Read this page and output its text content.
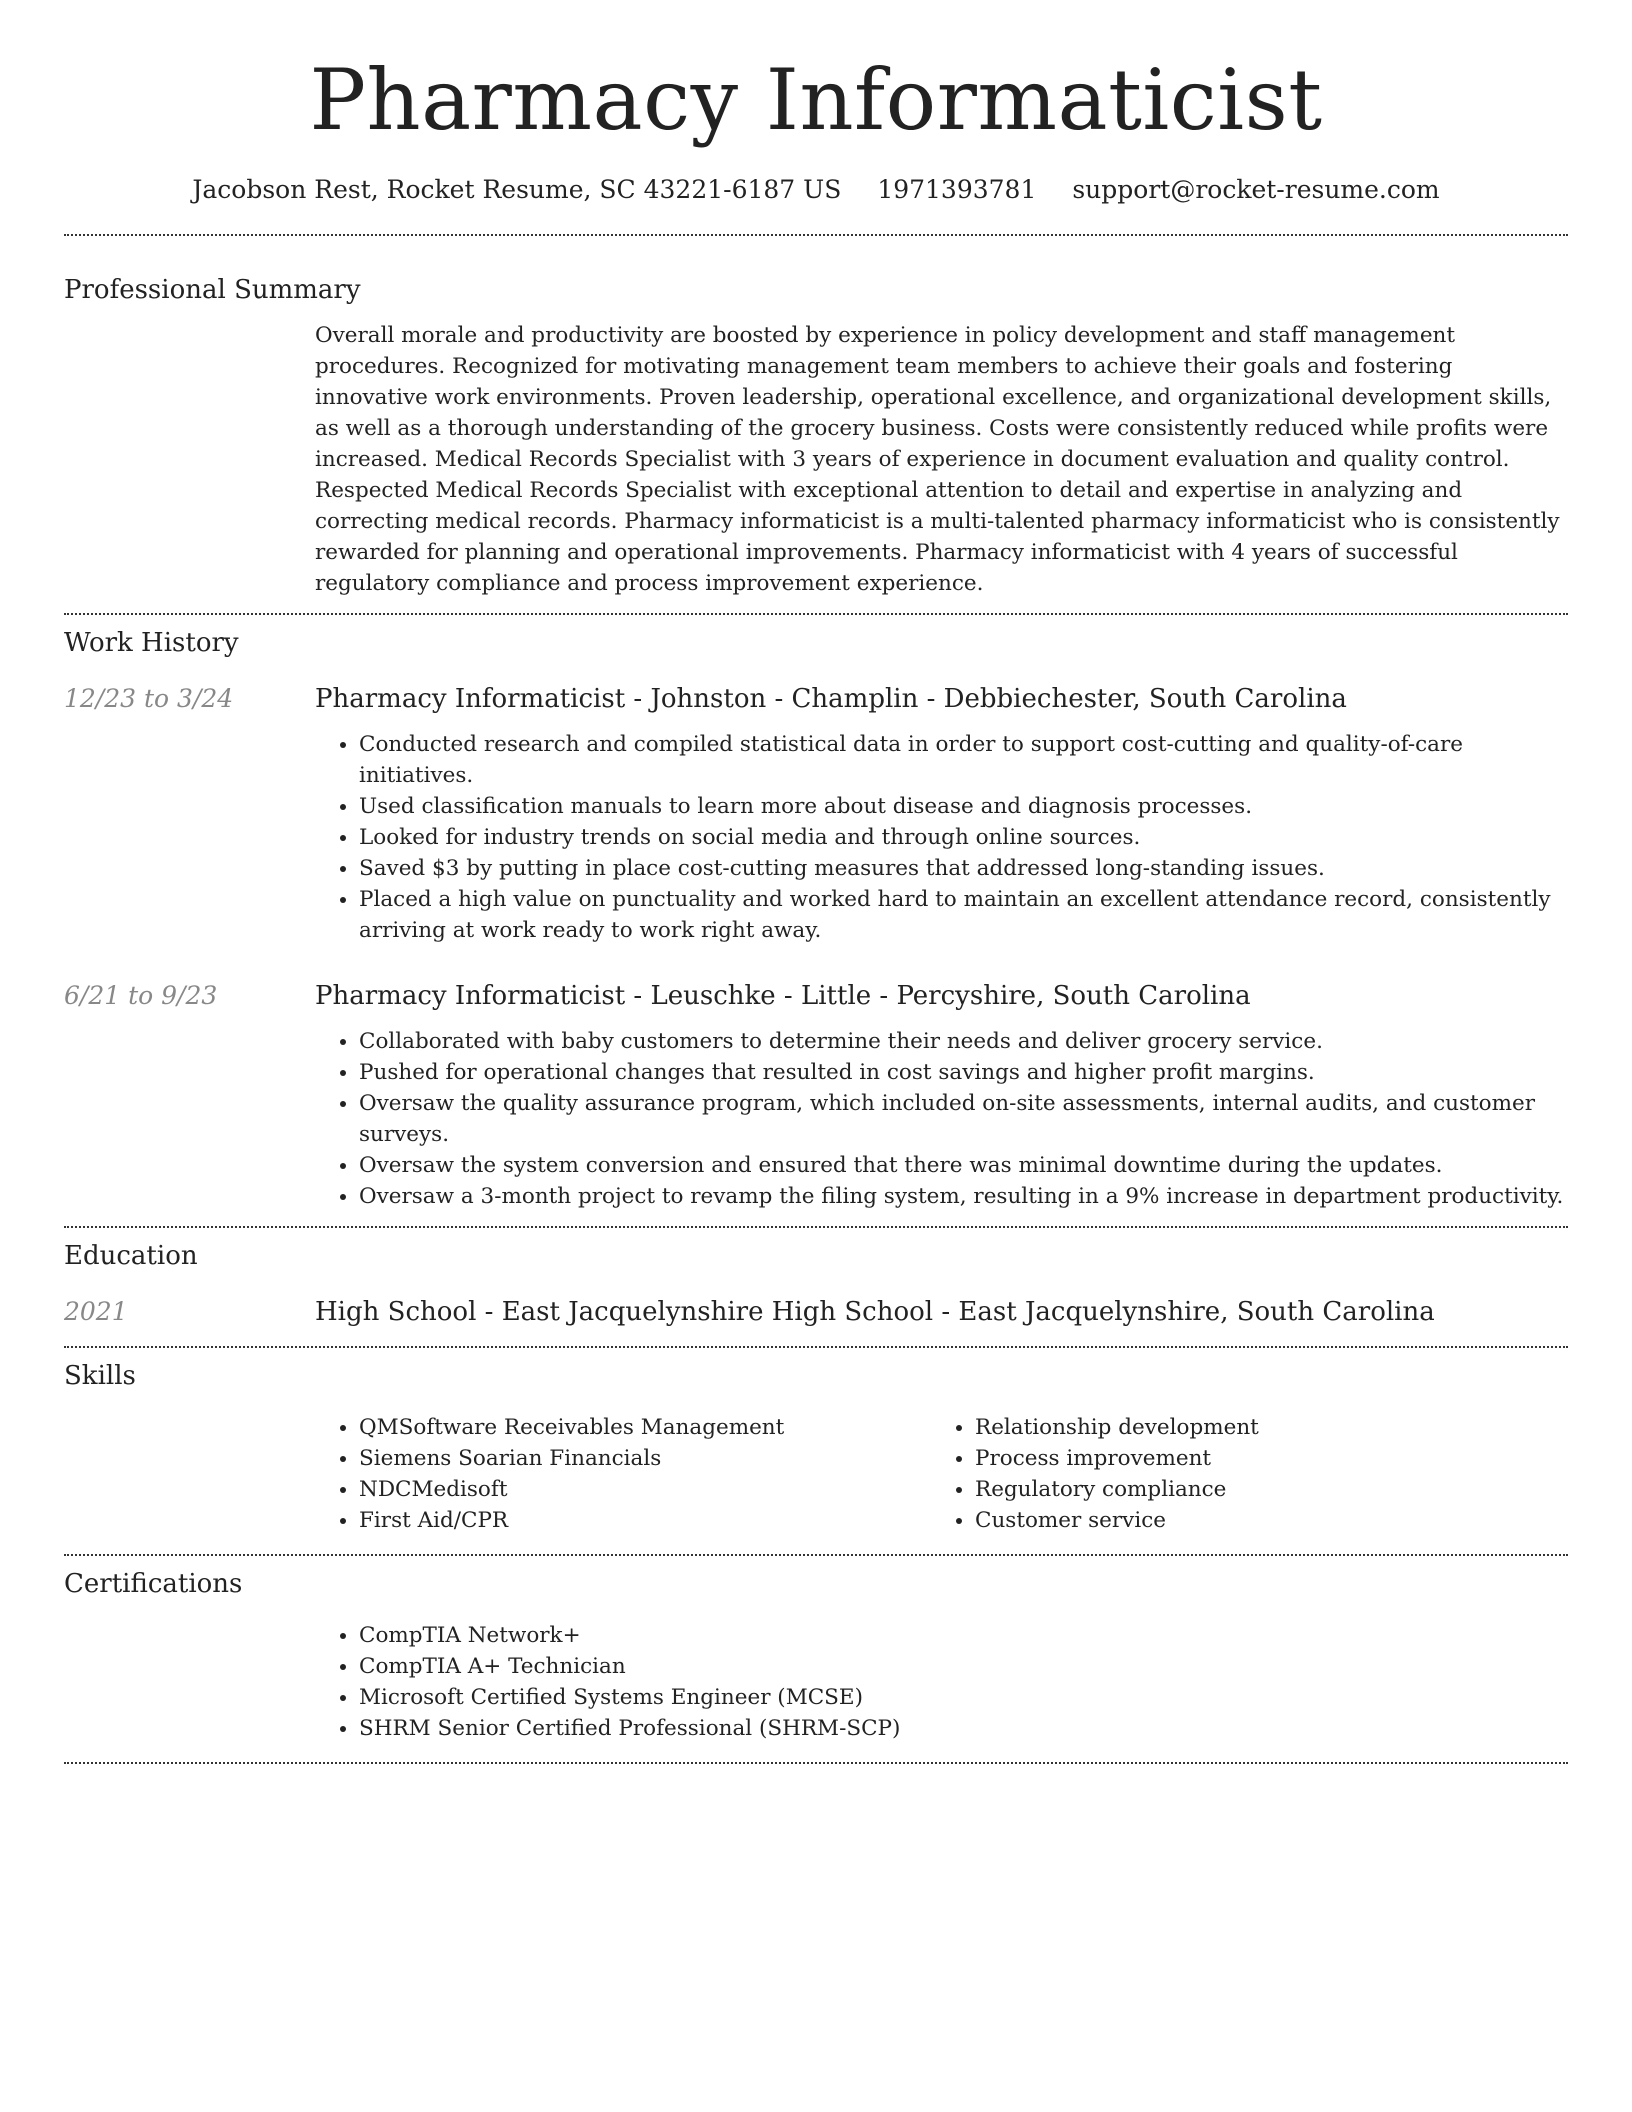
Pharmacy Informaticist
Jacobson Rest, Rocket Resume, SC 43221-6187 US 1971393781 support@rocket-resume.com
Professional Summary

Overall morale and productivity are boosted by experience in policy development and staff management procedures. Recognized for motivating management team members to achieve their goals and fostering innovative work environments. Proven leadership, operational excellence, and organizational development skills, as well as a thorough understanding of the grocery business. Costs were consistently reduced while profits were increased. Medical Records Specialist with 3 years of experience in document evaluation and quality control. Respected Medical Records Specialist with exceptional attention to detail and expertise in analyzing and correcting medical records. Pharmacy informaticist is a multi-talented pharmacy informaticist who is consistently rewarded for planning and operational improvements. Pharmacy informaticist with 4 years of successful regulatory compliance and process improvement experience.

Work History
12/23 to 3/24	Pharmacy Informaticist - Johnston - Champlin - Debbiechester, South Carolina
• Conducted research and compiled statistical data in order to support cost-cutting and quality-of-care initiatives.
• Used classification manuals to learn more about disease and diagnosis processes.
• Looked for industry trends on social media and through online sources.
• Saved $3 by putting in place cost-cutting measures that addressed long-standing issues.
• Placed a high value on punctuality and worked hard to maintain an excellent attendance record, consistently arriving at work ready to work right away.
6/21 to 9/23	Pharmacy Informaticist - Leuschke - Little - Percyshire, South Carolina
• Collaborated with baby customers to determine their needs and deliver grocery service.
• Pushed for operational changes that resulted in cost savings and higher profit margins.
• Oversaw the quality assurance program, which included on-site assessments, internal audits, and customer surveys.
• Oversaw the system conversion and ensured that there was minimal downtime during the updates.
• Oversaw a 3-month project to revamp the filing system, resulting in a 9% increase in department productivity.
Education
2021	High School - East Jacquelynshire High School - East Jacquelynshire, South Carolina
Skills
• QMSoftware Receivables Management
• Siemens Soarian Financials
• NDCMedisoft
• First Aid/CPR
• Relationship development
• Process improvement
• Regulatory compliance
• Customer service
Certifications
• CompTIA Network+
• CompTIA A+ Technician
• Microsoft Certified Systems Engineer (MCSE)
• SHRM Senior Certified Professional (SHRM-SCP)
